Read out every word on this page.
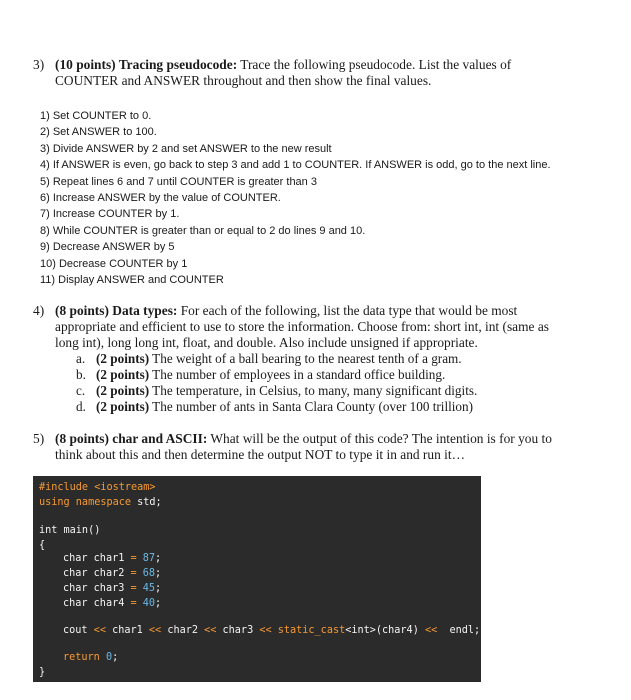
3) (10 points) Tracing pseudocode: Trace the following pseudocode. List the values of
COUNTER and ANSWER throughout and then show the final values.
1) Set COUNTER to 0.
2) Set ANSWER to 100.
3) Divide ANSWER by 2 and set ANSWER to the new result
4) If ANSWER is even, go back to step 3 and add 1 to COUNTER. If ANSWER is odd, go to the next line.
5) Repeat lines 6 and 7 until COUNTER is greater than 3
6) Increase ANSWER by the value of COUNTER.
7) Increase COUNTER by 1.
8) While COUNTER is greater than or equal to 2 do lines 9 and 10.
9) Decrease ANSWER by 5
10) Decrease COUNTER by 1
11) Display ANSWER and COUNTER
4) (8 points) Data types: For each of the following, list the data type that would be most
appropriate and efficient to use to store the information. Choose from: short int, int (same as
long int), long long int, float, and double. Also include unsigned if appropriate.
a. (2 points) The weight of a ball bearing to the nearest tenth of a gram.
b. (2 points) The number of employees in a standard office building.
c. (2 points) The temperature, in Celsius, to many, many significant digits.
d. (2 points) The number of ants in Santa Clara County (over 100 trillion)
5) (8 points) char and ASCII: What will be the output of this code? The intention is for you to
think about this and then determine the output NOT to type it in and run it…
#include <iostream>
using namespace std;
int main()
{
char char1 = 87;
char char2 = 68;
char char3 = 45;
char char4 = 40;
cout << char1 << char2 << char3 << static_cast<int>(char4) <<  endl;
return 0;
}
